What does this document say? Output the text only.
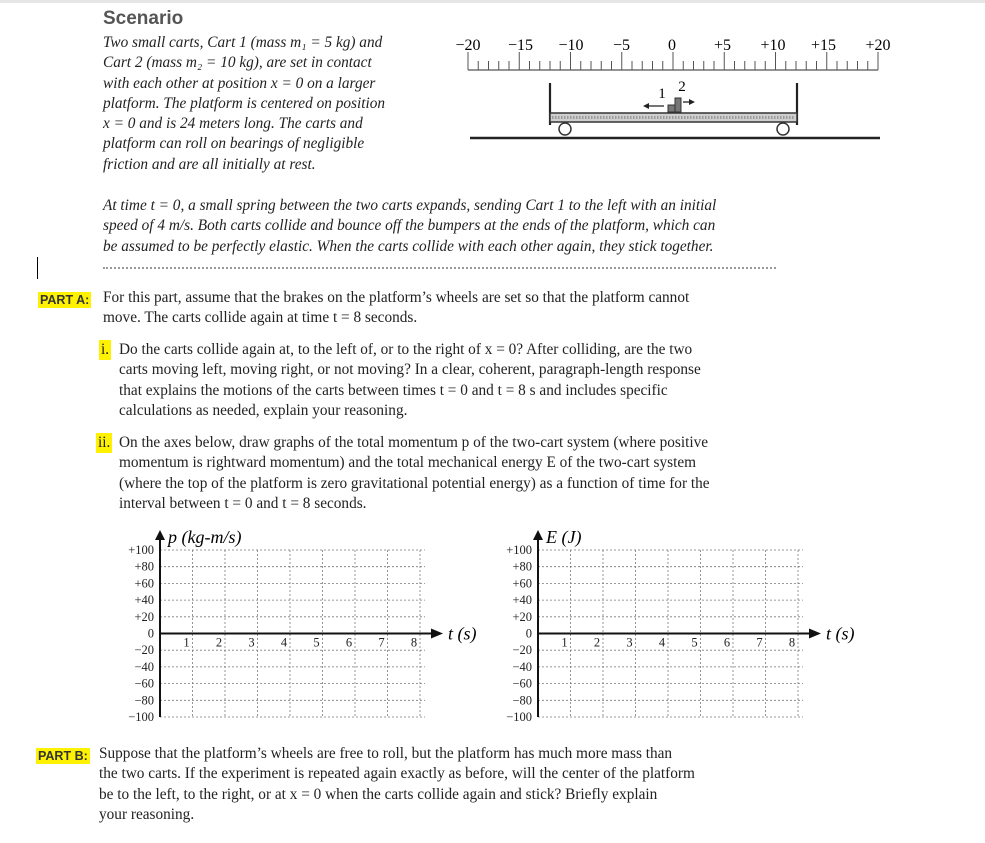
Scenario
Two small carts, Cart 1 (mass m₁ = 5 kg) and
Cart 2 (mass m₂ = 10 kg), are set in contact
with each other at position x = 0 on a larger
platform. The platform is centered on position
x = 0 and is 24 meters long. The carts and
platform can roll on bearings of negligible
friction and are all initially at rest.
−20 −15 −10 −5 0 +5 +10 +15 +20
1 2
At time t = 0, a small spring between the two carts expands, sending Cart 1 to the left with an initial
speed of 4 m/s. Both carts collide and bounce off the bumpers at the ends of the platform, which can
be assumed to be perfectly elastic. When the carts collide with each other again, they stick together.
PART A: For this part, assume that the brakes on the platform’s wheels are set so that the platform cannot
move. The carts collide again at time t = 8 seconds.
i. Do the carts collide again at, to the left of, or to the right of x = 0? After colliding, are the two
carts moving left, moving right, or not moving? In a clear, coherent, paragraph-length response
that explains the motions of the carts between times t = 0 and t = 8 s and includes specific
calculations as needed, explain your reasoning.
ii. On the axes below, draw graphs of the total momentum p of the two-cart system (where positive
momentum is rightward momentum) and the total mechanical energy E of the two-cart system
(where the top of the platform is zero gravitational potential energy) as a function of time for the
interval between t = 0 and t = 8 seconds.
+100
+80
+60
+40
+20
0
−20
−40
−60
−80
−100
1 2 3 4 5 6 7 8
p (kg-m/s)
t (s)
+100
+80
+60
+40
+20
0
−20
−40
−60
−80
−100
1 2 3 4 5 6 7 8
E (J)
t (s)
PART B: Suppose that the platform’s wheels are free to roll, but the platform has much more mass than
the two carts. If the experiment is repeated again exactly as before, will the center of the platform
be to the left, to the right, or at x = 0 when the carts collide again and stick? Briefly explain
your reasoning.
